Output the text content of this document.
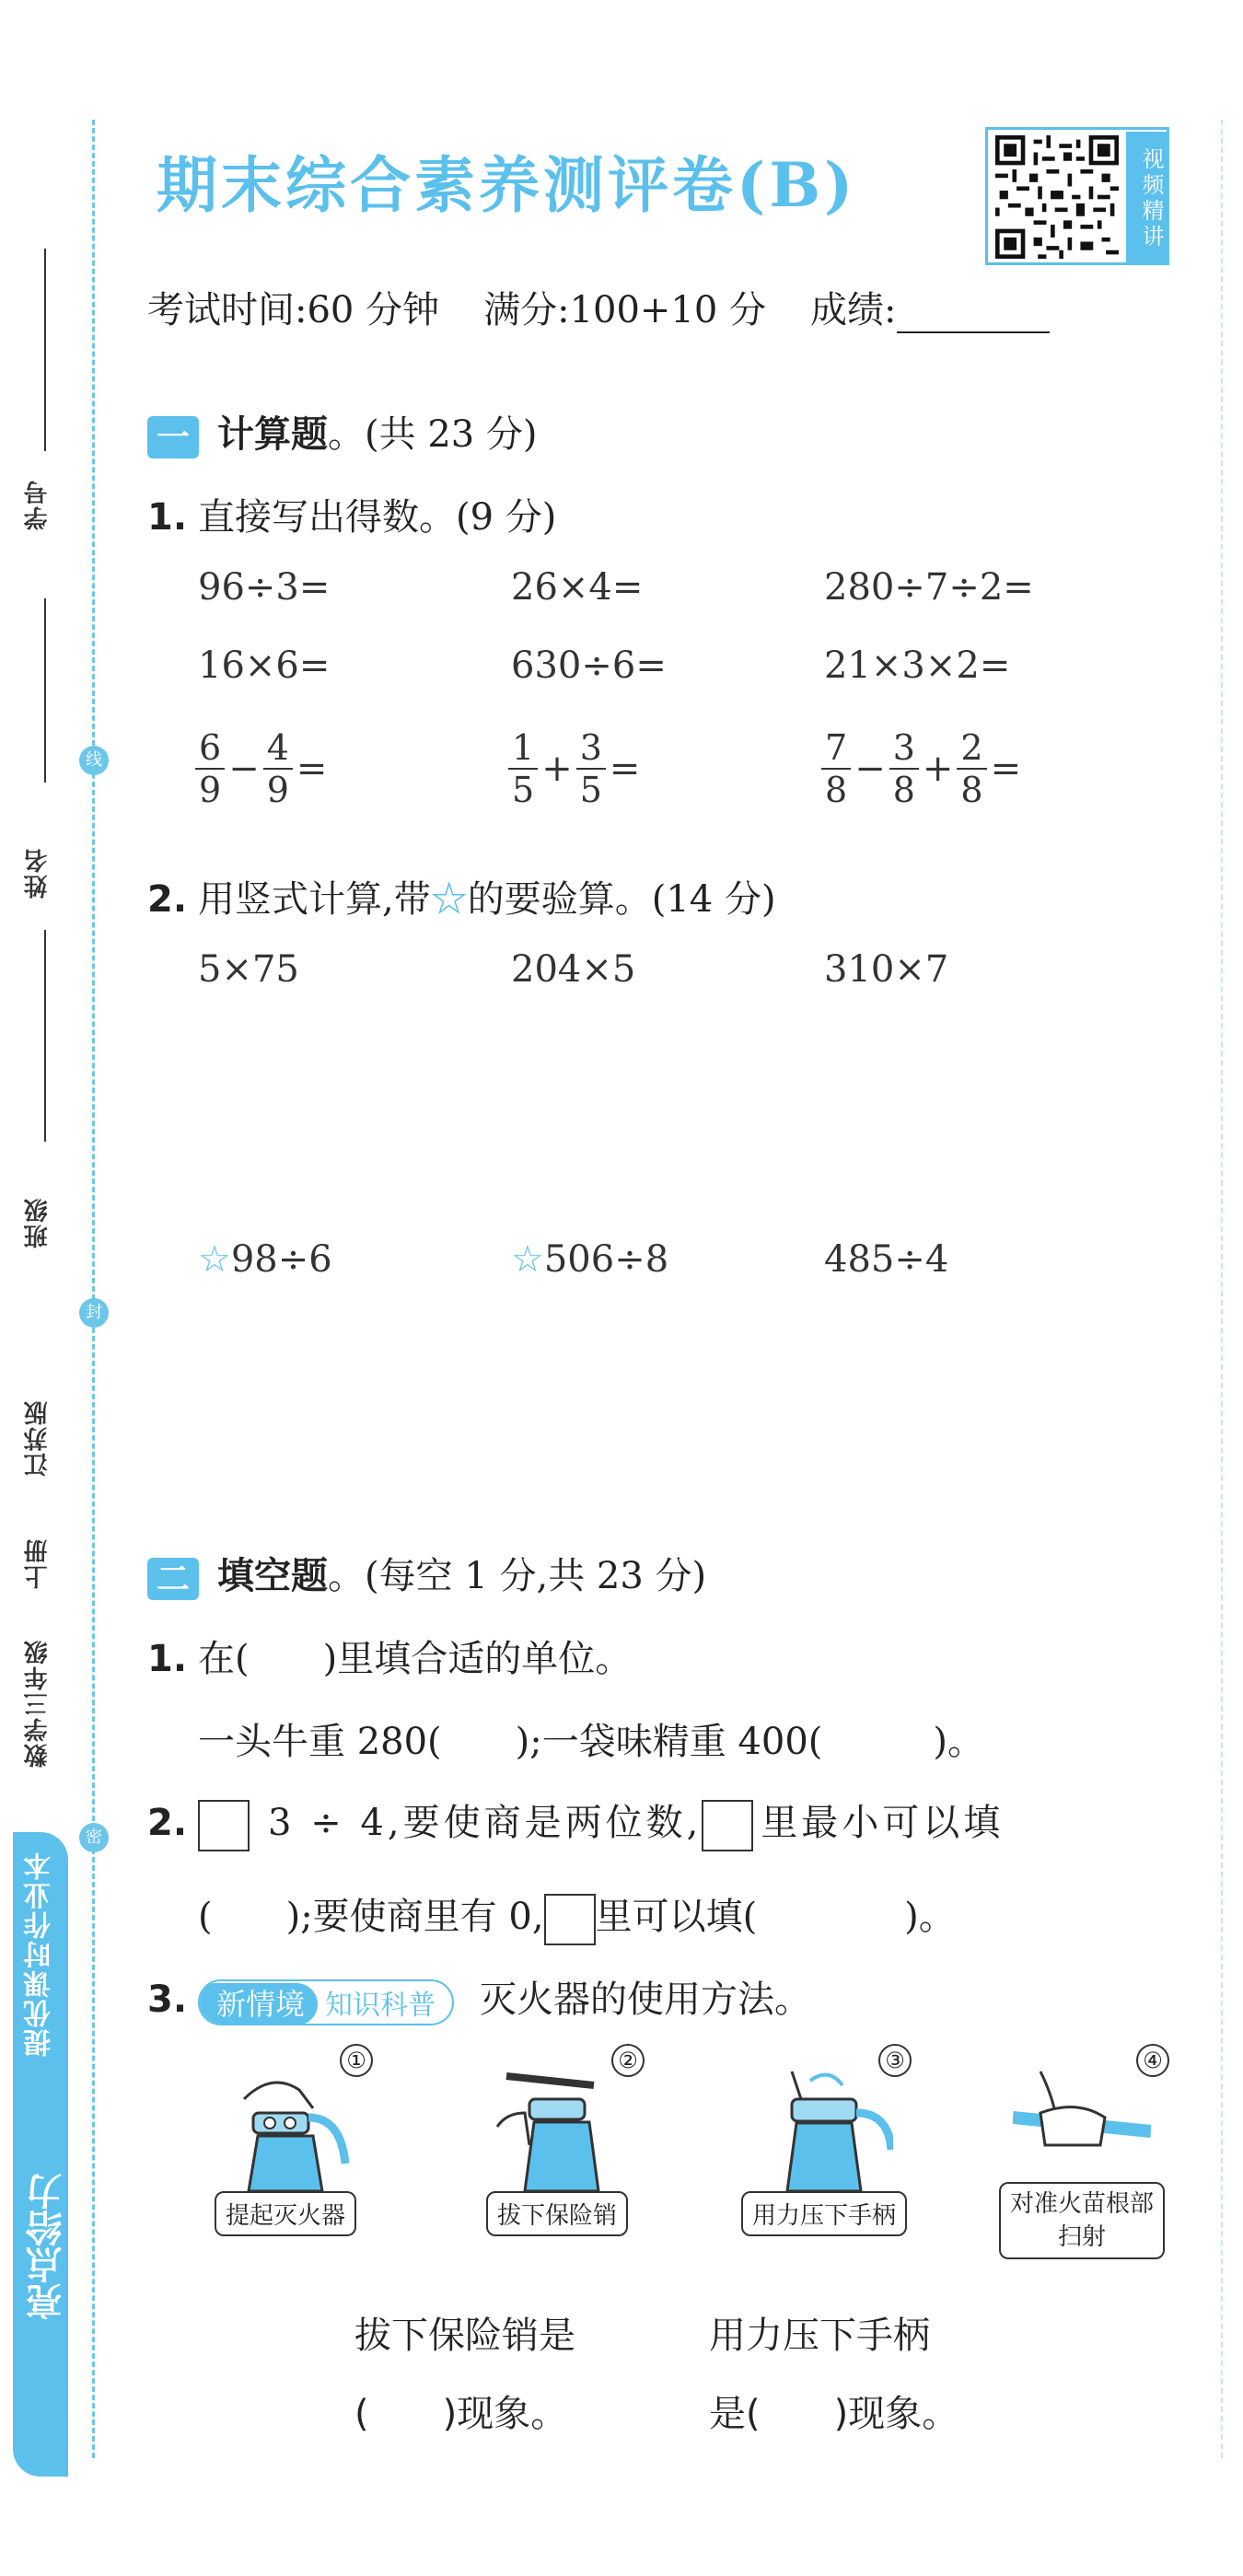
学号
姓名
班级
江苏版
上册
数学三年级
提优课时作业本
亮点给力
线
封
密
期末综合素养测评卷(B)	视频精讲
考试时间:60 分钟 满分:100+10 分 成绩:
一 计算题。(共 23 分)
1. 直接写出得数。(9 分)
96÷3=	26×4=	280÷7÷2=
16×6=	630÷6=	21×3×2=
$\frac{6}{9} - \frac{4}{9}$ =	$\frac{1}{5} + \frac{3}{5}$ =	$\frac{7}{8} - \frac{3}{8} + \frac{2}{8}$ =
2. 用竖式计算,带☆的要验算。(14 分)
5×75	204×5	310×7
☆98÷6	☆506÷8	485÷4
二 填空题。(每空 1 分,共 23 分)
1. 在(　　)里填合适的单位。
一头牛重 280(　　);一袋味精重 400(　　　)。
2. 3 ÷ 4,要使商是两位数, 里最小可以填
(　　);要使商里有 0, 里可以填(　　　　)。
3. 新情境 知识科普 灭火器的使用方法。
①
提起灭火器
②
拔下保险销
③
用力压下手柄
④
对准火苗根部扫射
拔下保险销是
(　　)现象。
用力压下手柄
是(　　)现象。
